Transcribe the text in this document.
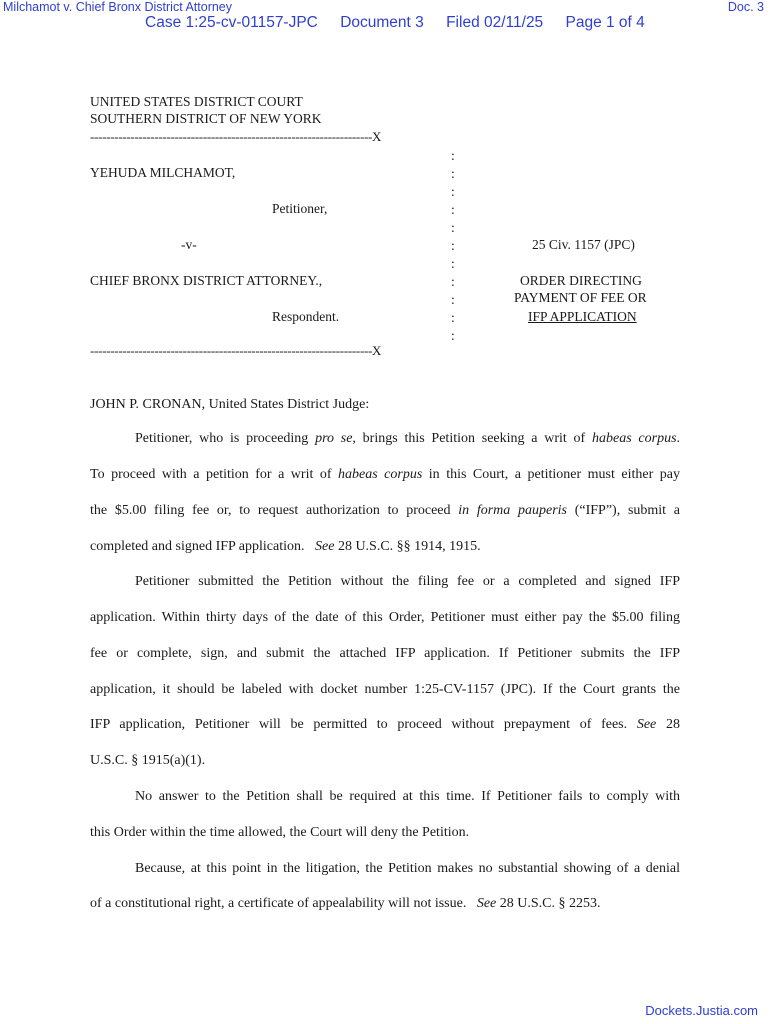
Milchamot v. Chief Bronx District Attorney	Doc. 3
Case 1:25-cv-01157-JPC Document 3 Filed 02/11/25 Page 1 of 4
UNITED STATES DISTRICT COURT
SOUTHERN DISTRICT OF NEW YORK
----------------------------------------------------------------------X
:
YEHUDA MILCHAMOT,	:
:
Petitioner,	:
:
-v-	:	25 Civ. 1157 (JPC)
:
CHIEF BRONX DISTRICT ATTORNEY.,	:	ORDER DIRECTING
:	PAYMENT OF FEE OR
Respondent.	:	IFP APPLICATION
:
----------------------------------------------------------------------X
JOHN P. CRONAN, United States District Judge:
Petitioner, who is proceeding pro se, brings this Petition seeking a writ of habeas corpus.
To proceed with a petition for a writ of habeas corpus in this Court, a petitioner must either pay
the $5.00 filing fee or, to request authorization to proceed in forma pauperis (“IFP”), submit a
completed and signed IFP application.   See 28 U.S.C. §§ 1914, 1915.
Petitioner submitted the Petition without the filing fee or a completed and signed IFP
application. Within thirty days of the date of this Order, Petitioner must either pay the $5.00 filing
fee or complete, sign, and submit the attached IFP application. If Petitioner submits the IFP
application, it should be labeled with docket number 1:25-CV-1157 (JPC). If the Court grants the
IFP application, Petitioner will be permitted to proceed without prepayment of fees. See 28
U.S.C. § 1915(a)(1).
No answer to the Petition shall be required at this time. If Petitioner fails to comply with
this Order within the time allowed, the Court will deny the Petition.
Because, at this point in the litigation, the Petition makes no substantial showing of a denial
of a constitutional right, a certificate of appealability will not issue.   See 28 U.S.C. § 2253.
Dockets.Justia.com
